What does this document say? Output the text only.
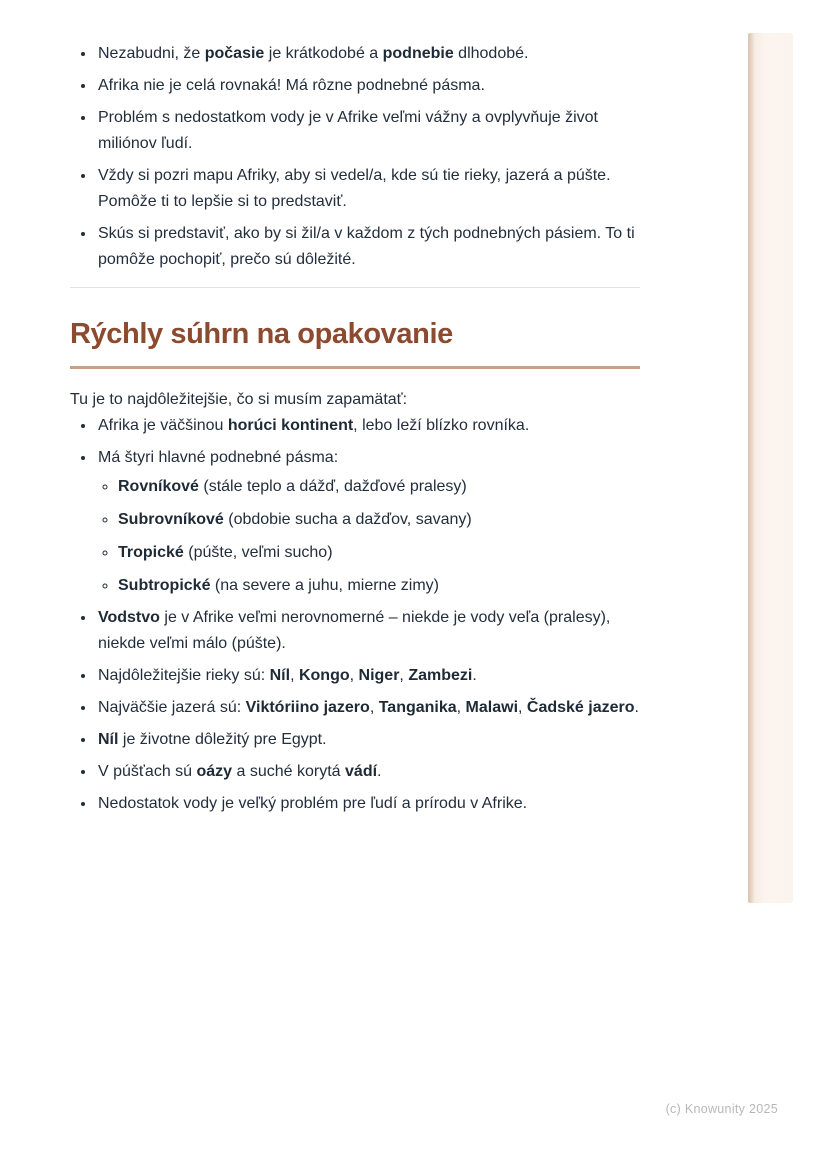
• Nezabudni, že počasie je krátkodobé a podnebie dlhodobé.
• Afrika nie je celá rovnaká! Má rôzne podnebné pásma.
• Problém s nedostatkom vody je v Afrike veľmi vážny a ovplyvňuje život miliónov ľudí.
• Vždy si pozri mapu Afriky, aby si vedel/a, kde sú tie rieky, jazerá a púšte. Pomôže ti to lepšie si to predstaviť.
• Skús si predstaviť, ako by si žil/a v každom z tých podnebných pásiem. To ti pomôže pochopiť, prečo sú dôležité.
Rýchly súhrn na opakovanie

Tu je to najdôležitejšie, čo si musím zapamätať:

• Afrika je väčšinou horúci kontinent, lebo leží blízko rovníka.
• Má štyri hlavné podnebné pásma:
◦ Rovníkové (stále teplo a dážď, dažďové pralesy)
◦ Subrovníkové (obdobie sucha a dažďov, savany)
◦ Tropické (púšte, veľmi sucho)
◦ Subtropické (na severe a juhu, mierne zimy)
• Vodstvo je v Afrike veľmi nerovnomerné – niekde je vody veľa (pralesy), niekde veľmi málo (púšte).
• Najdôležitejšie rieky sú: Níl, Kongo, Niger, Zambezi.
• Najväčšie jazerá sú: Viktóriino jazero, Tanganika, Malawi, Čadské jazero.
• Níl je životne dôležitý pre Egypt.
• V púšťach sú oázy a suché korytá vádí.
• Nedostatok vody je veľký problém pre ľudí a prírodu v Afrike.
(c) Knowunity 2025
